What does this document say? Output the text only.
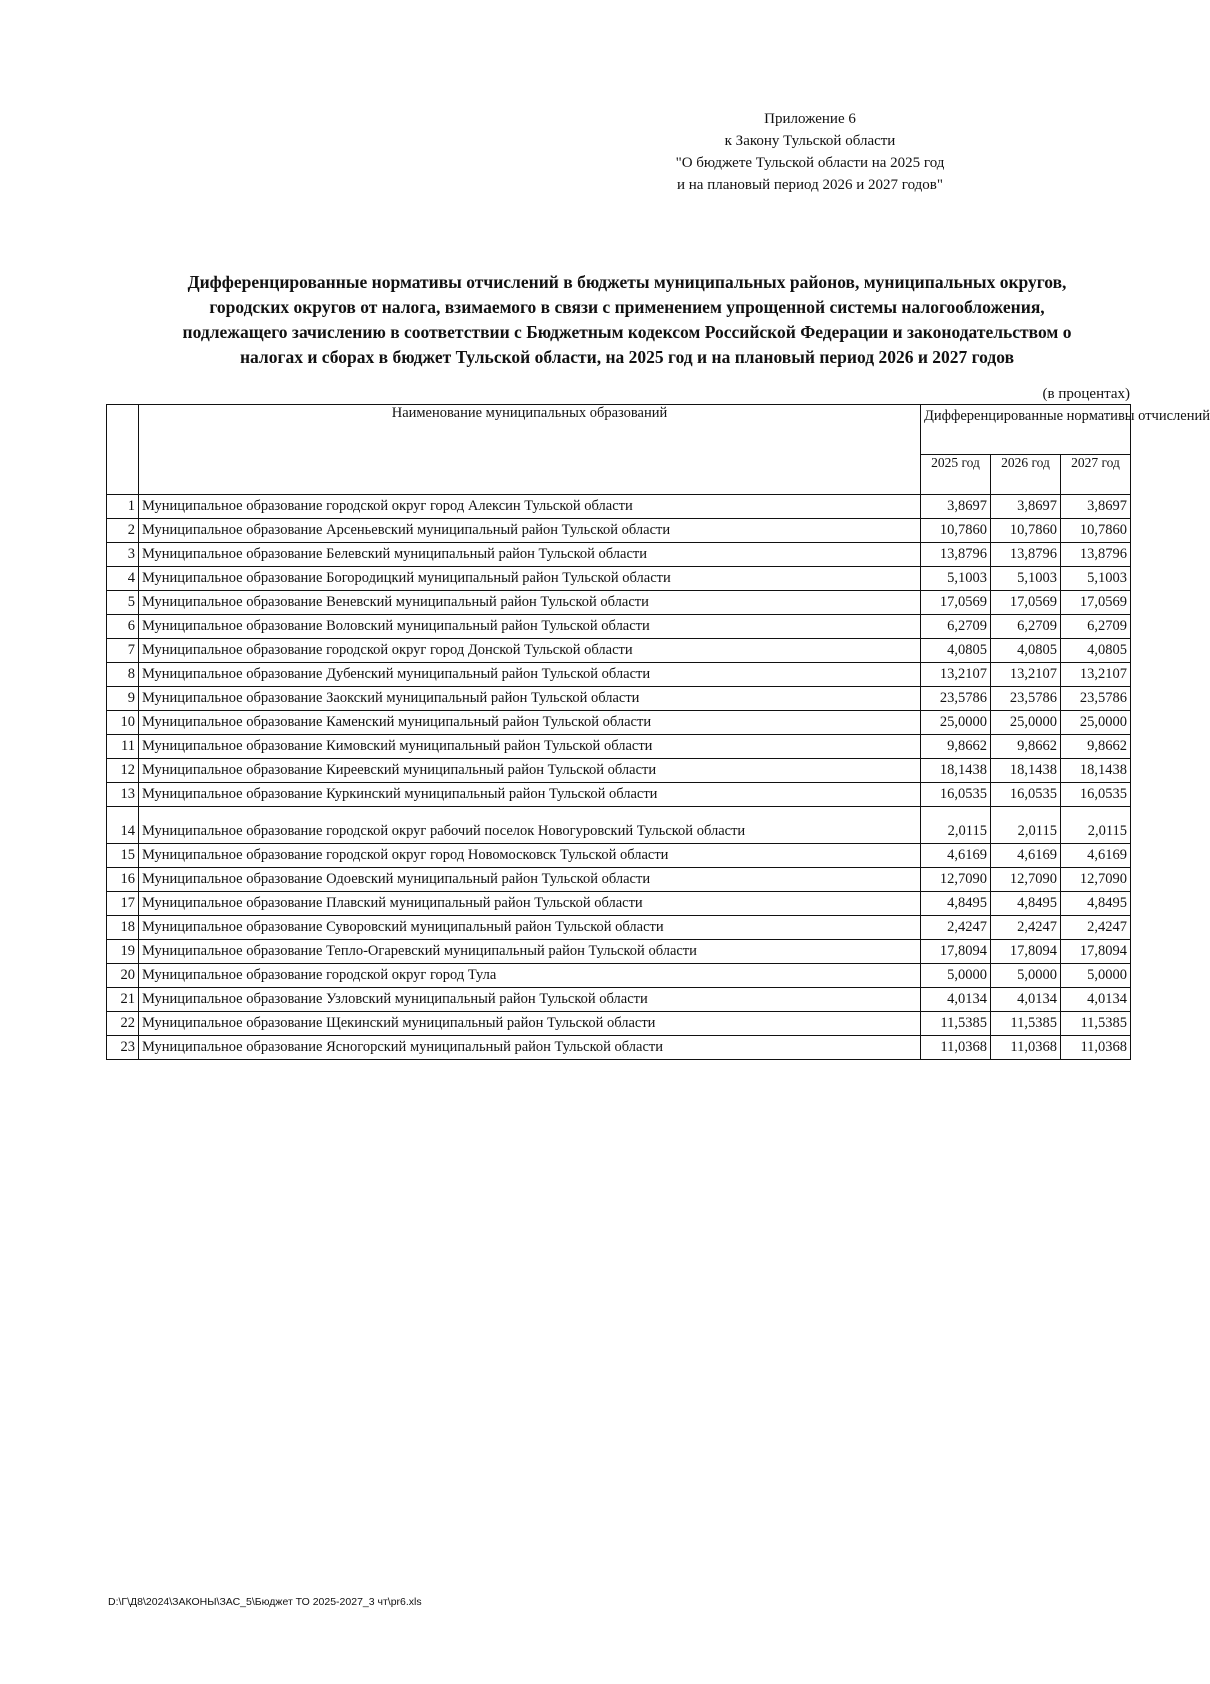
Приложение 6
к Закону Тульской области
"О бюджете Тульской области на 2025 год
и на плановый период 2026 и 2027 годов"
Дифференцированные нормативы отчислений в бюджеты муниципальных районов, муниципальных округов,
городских округов от налога, взимаемого в связи с применением упрощенной системы налогообложения,
подлежащего зачислению в соответствии с Бюджетным кодексом Российской Федерации и законодательством о
налогах и сборах в бюджет Тульской области, на 2025 год и на плановый период 2026 и 2027 годов
(в процентах)
	Наименование муниципальных образований	Дифференцированные нормативы отчислений		
		2025 год	2026 год	2027 год
1	Муниципальное образование городской округ город Алексин Тульской области	3,8697	3,8697	3,8697
2	Муниципальное образование Арсеньевский муниципальный район Тульской области	10,7860	10,7860	10,7860
3	Муниципальное образование Белевский муниципальный район Тульской области	13,8796	13,8796	13,8796
4	Муниципальное образование Богородицкий муниципальный район Тульской области	5,1003	5,1003	5,1003
5	Муниципальное образование Веневский муниципальный район Тульской области	17,0569	17,0569	17,0569
6	Муниципальное образование Воловский муниципальный район Тульской области	6,2709	6,2709	6,2709
7	Муниципальное образование городской округ город Донской Тульской области	4,0805	4,0805	4,0805
8	Муниципальное образование Дубенский муниципальный район Тульской области	13,2107	13,2107	13,2107
9	Муниципальное образование Заокский муниципальный район Тульской области	23,5786	23,5786	23,5786
10	Муниципальное образование Каменский муниципальный район Тульской области	25,0000	25,0000	25,0000
11	Муниципальное образование Кимовский муниципальный район Тульской области	9,8662	9,8662	9,8662
12	Муниципальное образование Киреевский муниципальный район Тульской области	18,1438	18,1438	18,1438
13	Муниципальное образование Куркинский муниципальный район Тульской области	16,0535	16,0535	16,0535
14	Муниципальное образование городской округ рабочий поселок Новогуровский Тульской области	2,0115	2,0115	2,0115
15	Муниципальное образование городской округ город Новомосковск Тульской области	4,6169	4,6169	4,6169
16	Муниципальное образование Одоевский муниципальный район Тульской области	12,7090	12,7090	12,7090
17	Муниципальное образование Плавский муниципальный район Тульской области	4,8495	4,8495	4,8495
18	Муниципальное образование Суворовский муниципальный район Тульской области	2,4247	2,4247	2,4247
19	Муниципальное образование Тепло-Огаревский муниципальный район Тульской области	17,8094	17,8094	17,8094
20	Муниципальное образование городской округ город Тула	5,0000	5,0000	5,0000
21	Муниципальное образование Узловский муниципальный район Тульской области	4,0134	4,0134	4,0134
22	Муниципальное образование Щекинский муниципальный район Тульской области	11,5385	11,5385	11,5385
23	Муниципальное образование Ясногорский муниципальный район Тульской области	11,0368	11,0368	11,0368
D:\Г\Д8\2024\ЗАКОНЫ\ЗАС_5\Бюджет ТО 2025-2027_3 чт\pr6.xls
